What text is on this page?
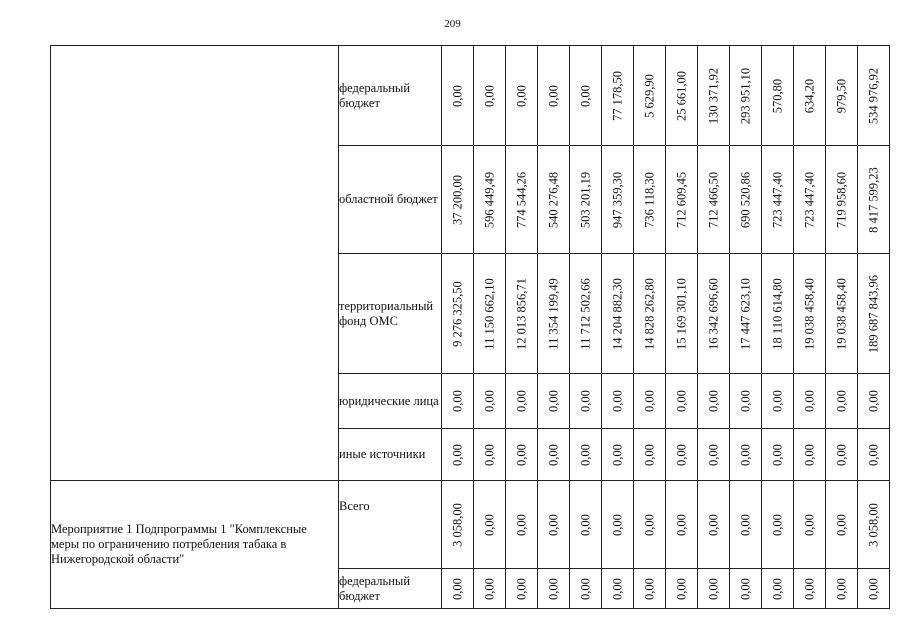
209
	федеральный бюджет	0,00	0,00	0,00	0,00	0,00	77 178,50	5 629,90	25 661,00	130 371,92	293 951,10	570,80	634,20	979,50	534 976,92

	областной бюджет	37 200,00	596 449,49	774 544,26	540 276,48	503 201,19	947 359,30	736 118,30	712 609,45	712 466,50	690 520,86	723 447,40	723 447,40	719 958,60	8 417 599,23

	территориальный фонд ОМС	9 276 325,50	11 150 662,10	12 013 856,71	11 354 199,49	11 712 502,66	14 204 882,30	14 828 262,80	15 169 301,10	16 342 696,60	17 447 623,10	18 110 614,80	19 038 458,40	19 038 458,40	189 687 843,96

	юридические лица	0,00	0,00	0,00	0,00	0,00	0,00	0,00	0,00	0,00	0,00	0,00	0,00	0,00	0,00

	иные источники	0,00	0,00	0,00	0,00	0,00	0,00	0,00	0,00	0,00	0,00	0,00	0,00	0,00	0,00

Мероприятие 1 Подпрограммы 1 "Комплексные меры по ограничению потребления табака в Нижегородской области"	Всего	3 058,00	0,00	0,00	0,00	0,00	0,00	0,00	0,00	0,00	0,00	0,00	0,00	0,00	3 058,00

	федеральный бюджет	0,00	0,00	0,00	0,00	0,00	0,00	0,00	0,00	0,00	0,00	0,00	0,00	0,00	0,00
